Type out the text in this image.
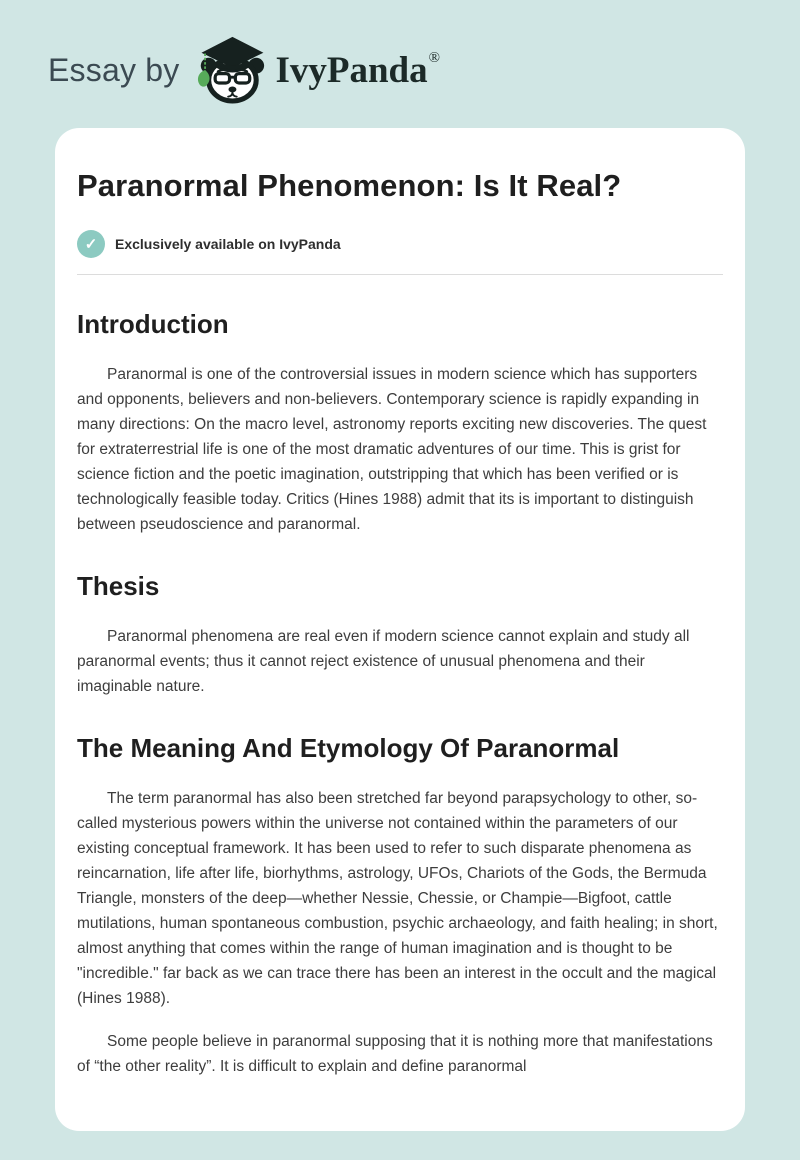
Essay by	IvyPanda®
Paranormal Phenomenon: Is It Real?
✓	Exclusively available on IvyPanda
Introduction

Paranormal is one of the controversial issues in modern science which has supporters and opponents, believers and non-believers. Contemporary science is rapidly expanding in many directions: On the macro level, astronomy reports exciting new discoveries. The quest for extraterrestrial life is one of the most dramatic adventures of our time. This is grist for science fiction and the poetic imagination, outstripping that which has been verified or is technologically feasible today. Critics (Hines 1988) admit that its is important to distinguish between pseudoscience and paranormal.

Thesis

Paranormal phenomena are real even if modern science cannot explain and study all paranormal events; thus it cannot reject existence of unusual phenomena and their imaginable nature.

The Meaning And Etymology Of Paranormal

The term paranormal has also been stretched far beyond parapsychology to other, so-called mysterious powers within the universe not contained within the parameters of our existing conceptual framework. It has been used to refer to such disparate phenomena as reincarnation, life after life, biorhythms, astrology, UFOs, Chariots of the Gods, the Bermuda Triangle, monsters of the deep—whether Nessie, Chessie, or Champie—Bigfoot, cattle mutilations, human spontaneous combustion, psychic archaeology, and faith healing; in short, almost anything that comes within the range of human imagination and is thought to be "incredible." far back as we can trace there has been an interest in the occult and the magical (Hines 1988).

Some people believe in paranormal supposing that it is nothing more that manifestations of “the other reality”. It is difficult to explain and define paranormal
